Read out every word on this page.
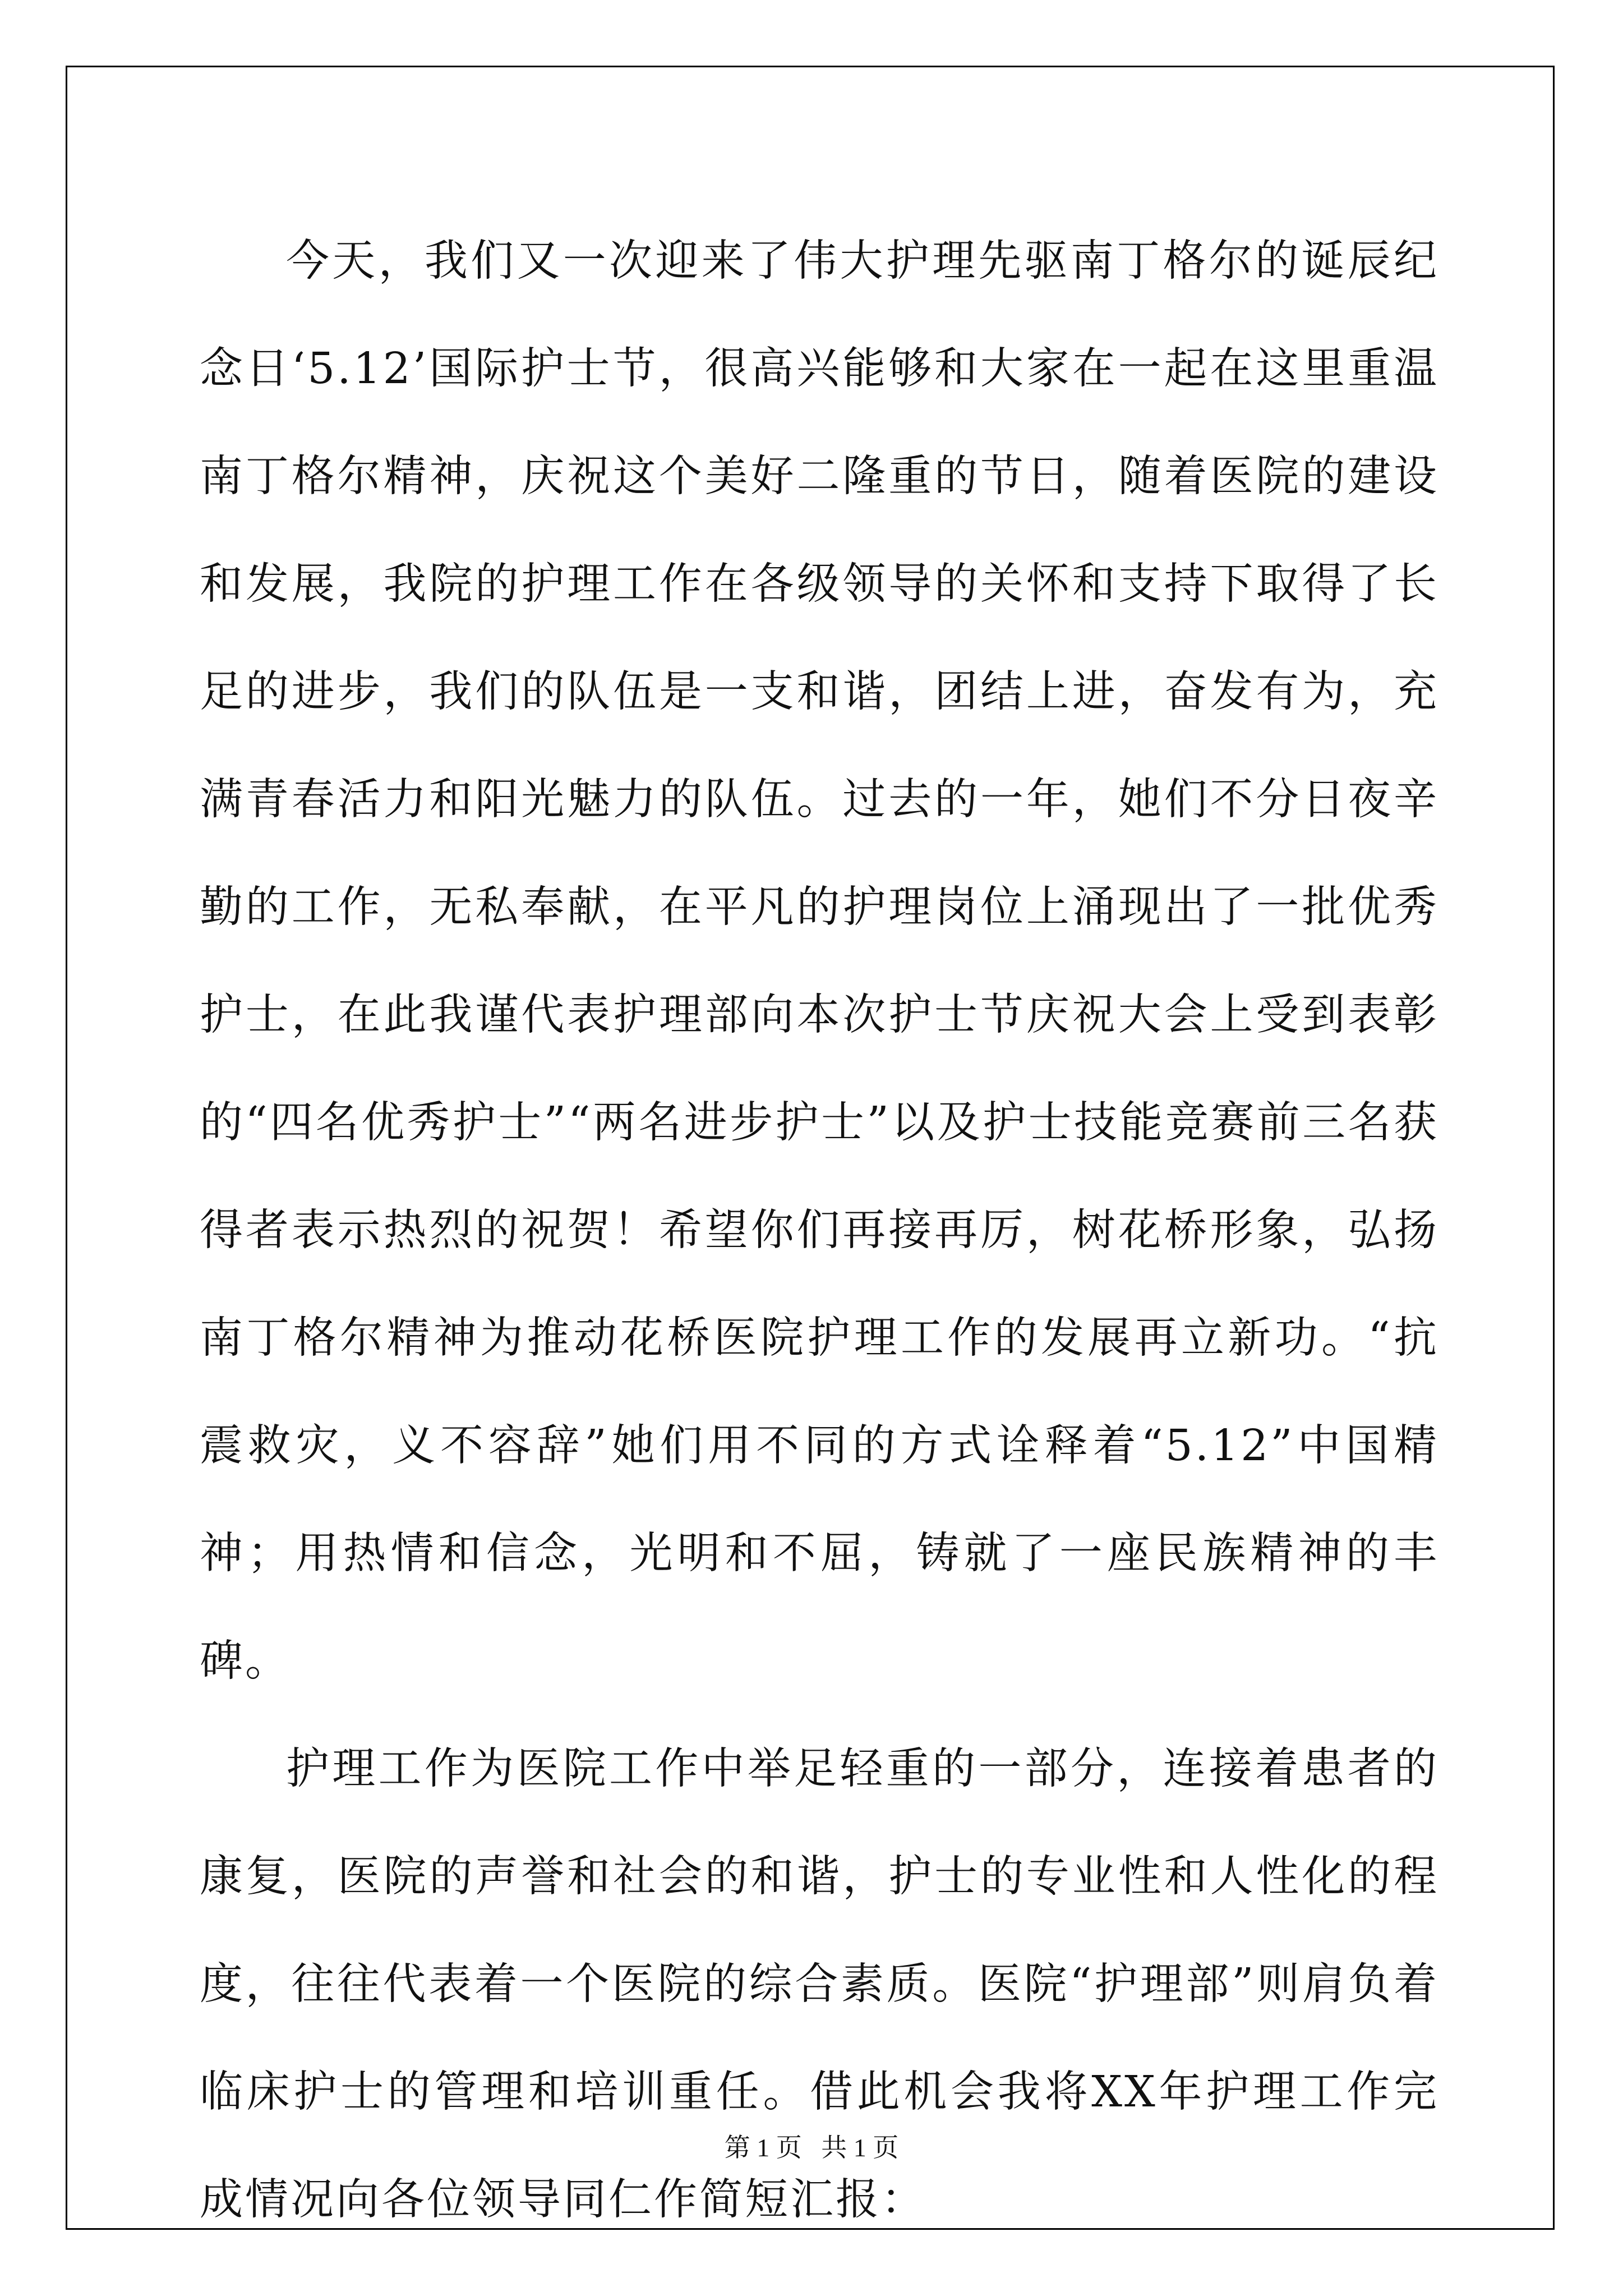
今天，我们又一次迎来了伟大护理先驱南丁格尔的诞辰纪念日‘5.12’国际护士节，很高兴能够和大家在一起在这里重温南丁格尔精神，庆祝这个美好二隆重的节日，随着医院的建设和发展，我院的护理工作在各级领导的关怀和支持下取得了长足的进步，我们的队伍是一支和谐，团结上进，奋发有为，充满青春活力和阳光魅力的队伍。过去的一年，她们不分日夜辛勤的工作，无私奉献，在平凡的护理岗位上涌现出了一批优秀护士，在此我谨代表护理部向本次护士节庆祝大会上受到表彰的“四名优秀护士”“两名进步护士”以及护士技能竞赛前三名获得者表示热烈的祝贺！希望你们再接再厉，树花桥形象，弘扬南丁格尔精神为推动花桥医院护理工作的发展再立新功。“抗震救灾，义不容辞”她们用不同的方式诠释着“5.12”中国精神；用热情和信念，光明和不屈，铸就了一座民族精神的丰碑。

护理工作为医院工作中举足轻重的一部分，连接着患者的康复，医院的声誉和社会的和谐，护士的专业性和人性化的程度，往往代表着一个医院的综合素质。医院“护理部”则肩负着临床护士的管理和培训重任。借此机会我将XX年护理工作完成情况向各位领导同仁作简短汇报：

第 1 页   共 1 页
